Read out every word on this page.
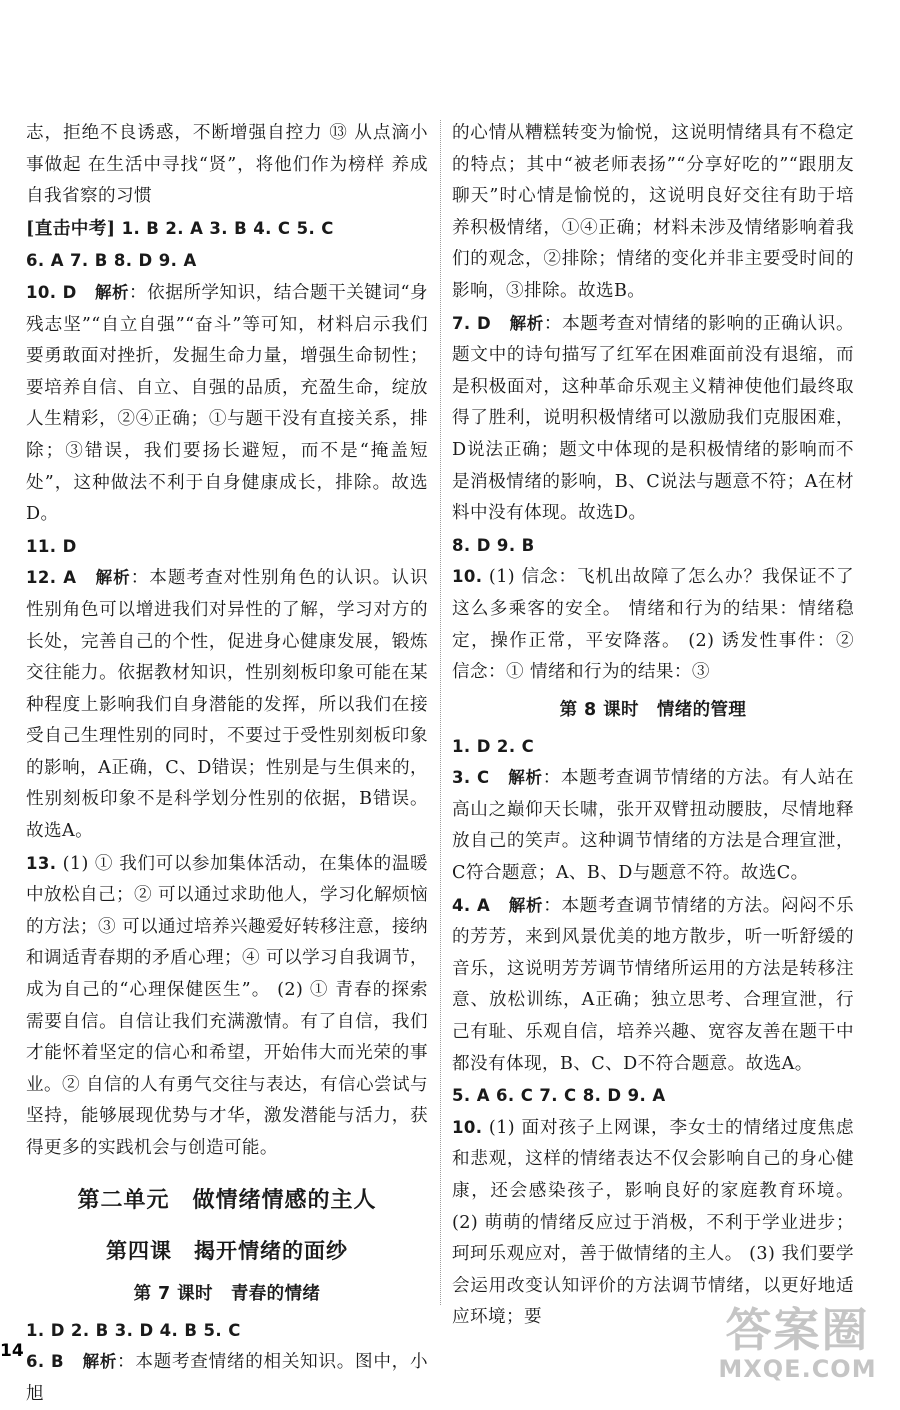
志，拒绝不良诱惑，不断增强自控力 ⑬ 从点滴小事做起 在生活中寻找“贤”，将他们作为榜样 养成自我省察的习惯

[直击中考] 1. B 2. A 3. B 4. C 5. C

6. A 7. B 8. D 9. A

10. D　 解析：依据所学知识，结合题干关键词“身残志坚”“自立自强”“奋斗”等可知，材料启示我们要勇敢面对挫折，发掘生命力量，增强生命韧性；要培养自信、自立、自强的品质，充盈生命，绽放人生精彩，②④正确；①与题干没有直接关系，排除；③错误，我们要扬长避短，而不是“掩盖短处”，这种做法不利于自身健康成长，排除。故选D。

11. D

12. A　 解析：本题考查对性别角色的认识。认识性别角色可以增进我们对异性的了解，学习对方的长处，完善自己的个性，促进身心健康发展，锻炼交往能力。依据教材知识，性别刻板印象可能在某种程度上影响我们自身潜能的发挥，所以我们在接受自己生理性别的同时，不要过于受性别刻板印象的影响，A正确，C、D错误；性别是与生俱来的，性别刻板印象不是科学划分性别的依据，B错误。故选A。

13. (1) ① 我们可以参加集体活动，在集体的温暖中放松自己；② 可以通过求助他人，学习化解烦恼的方法；③ 可以通过培养兴趣爱好转移注意，接纳和调适青春期的矛盾心理；④ 可以学习自我调节，成为自己的“心理保健医生”。 (2) ① 青春的探索需要自信。自信让我们充满激情。有了自信，我们才能怀着坚定的信心和希望，开始伟大而光荣的事业。② 自信的人有勇气交往与表达，有信心尝试与坚持，能够展现优势与才华，激发潜能与活力，获得更多的实践机会与创造可能。

第二单元　做情绪情感的主人
第四课　揭开情绪的面纱
第 7 课时　青春的情绪

1. D 2. B 3. D 4. B 5. C

6. B　 解析：本题考查情绪的相关知识。图中，小旭

的心情从糟糕转变为愉悦，这说明情绪具有不稳定的特点；其中“被老师表扬”“分享好吃的”“跟朋友聊天”时心情是愉悦的，这说明良好交往有助于培养积极情绪，①④正确；材料未涉及情绪影响着我们的观念，②排除；情绪的变化并非主要受时间的影响，③排除。故选B。

7. D　 解析：本题考查对情绪的影响的正确认识。题文中的诗句描写了红军在困难面前没有退缩，而是积极面对，这种革命乐观主义精神使他们最终取得了胜利，说明积极情绪可以激励我们克服困难，D说法正确；题文中体现的是积极情绪的影响而不是消极情绪的影响，B、C说法与题意不符；A在材料中没有体现。故选D。

8. D 9. B

10. (1) 信念：飞机出故障了怎么办？我保证不了这么多乘客的安全。 情绪和行为的结果：情绪稳定，操作正常，平安降落。 (2) 诱发性事件：② 信念：① 情绪和行为的结果：③

第 8 课时　情绪的管理

1. D 2. C

3. C　 解析：本题考查调节情绪的方法。有人站在高山之巅仰天长啸，张开双臂扭动腰肢，尽情地释放自己的笑声。这种调节情绪的方法是合理宣泄，C符合题意；A、B、D与题意不符。故选C。

4. A　 解析：本题考查调节情绪的方法。闷闷不乐的芳芳，来到风景优美的地方散步，听一听舒缓的音乐，这说明芳芳调节情绪所运用的方法是转移注意、放松训练，A正确；独立思考、合理宣泄，行己有耻、乐观自信，培养兴趣、宽容友善在题干中都没有体现，B、C、D不符合题意。故选A。

5. A 6. C 7. C 8. D 9. A

10. (1) 面对孩子上网课，李女士的情绪过度焦虑和悲观，这样的情绪表达不仅会影响自己的身心健康，还会感染孩子，影响良好的家庭教育环境。 (2) 萌萌的情绪反应过于消极，不利于学业进步；珂珂乐观应对，善于做情绪的主人。 (3) 我们要学会运用改变认知评价的方法调节情绪，以更好地适应环境；要

14	答案圈
MXQE.COM
